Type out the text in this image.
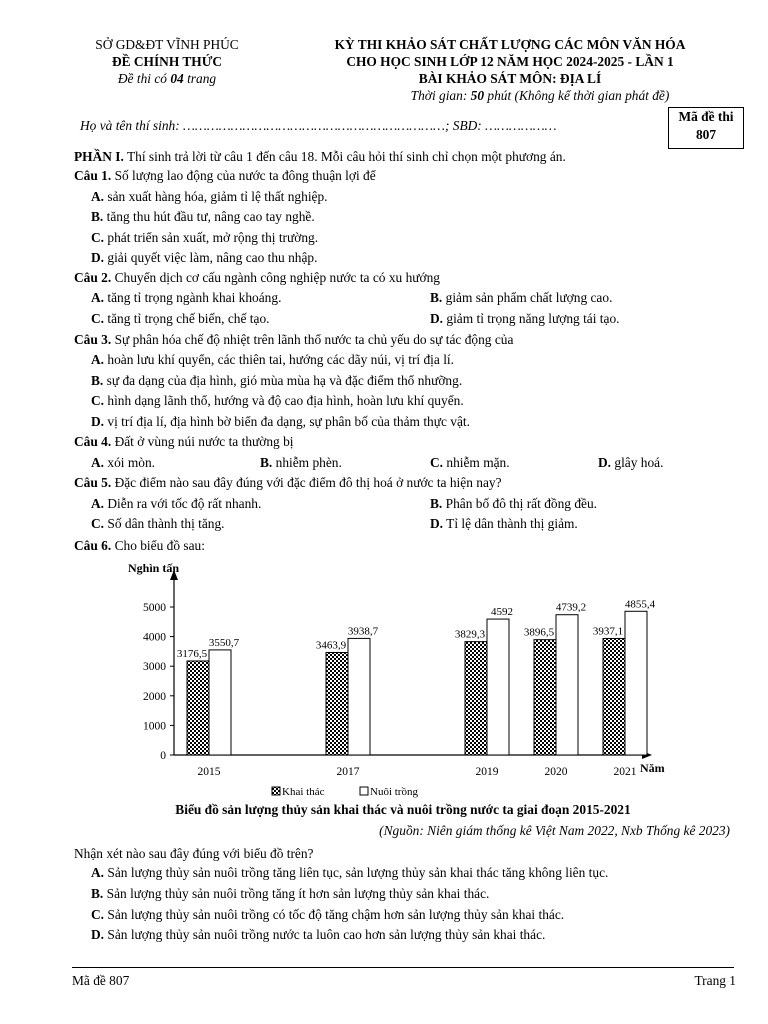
SỞ GD&ĐT VĨNH PHÚC
ĐỀ CHÍNH THỨC
Đề thi có 04 trang
KỲ THI KHẢO SÁT CHẤT LƯỢNG CÁC MÔN VĂN HÓA
CHO HỌC SINH LỚP 12 NĂM HỌC 2024-2025 - LẦN 1
BÀI KHẢO SÁT MÔN: ĐỊA LÍ
Thời gian: 50 phút (Không kể thời gian phát đề)
Mã đề thi
807
Họ và tên thí sinh: …………………………………………………………; SBD: ………………
PHẦN I. Thí sinh trả lời từ câu 1 đến câu 18. Mỗi câu hỏi thí sinh chỉ chọn một phương án.
Câu 1. Số lượng lao động của nước ta đông thuận lợi để
A. sản xuất hàng hóa, giảm tỉ lệ thất nghiệp.
B. tăng thu hút đầu tư, nâng cao tay nghề.
C. phát triển sản xuất, mở rộng thị trường.
D. giải quyết việc làm, nâng cao thu nhập.
Câu 2. Chuyển dịch cơ cấu ngành công nghiệp nước ta có xu hướng
A. tăng tỉ trọng ngành khai khoáng.	B. giảm sản phẩm chất lượng cao.
C. tăng tỉ trọng chế biến, chế tạo.	D. giảm tỉ trọng năng lượng tái tạo.
Câu 3. Sự phân hóa chế độ nhiệt trên lãnh thổ nước ta chủ yếu do sự tác động của
A. hoàn lưu khí quyển, các thiên tai, hướng các dãy núi, vị trí địa lí.
B. sự đa dạng của địa hình, gió mùa mùa hạ và đặc điểm thổ nhưỡng.
C. hình dạng lãnh thổ, hướng và độ cao địa hình, hoàn lưu khí quyển.
D. vị trí địa lí, địa hình bờ biển đa dạng, sự phân bố của thảm thực vật.
Câu 4. Đất ở vùng núi nước ta thường bị
A. xói mòn.	B. nhiễm phèn.	C. nhiễm mặn.	D. glây hoá.
Câu 5. Đặc điểm nào sau đây đúng với đặc điểm đô thị hoá ở nước ta hiện nay?
A. Diễn ra với tốc độ rất nhanh.	B. Phân bố đô thị rất đồng đều.
C. Số dân thành thị tăng.	D. Tỉ lệ dân thành thị giảm.
Câu 6. Cho biểu đồ sau:
0
1000
2000
3000
4000
5000
Nghìn tấn
Năm
3176,5
3550,7
2015
3463,9
3938,7
2017
3829,3
4592
2019
3896,5
4739,2
2020
3937,1
4855,4
2021
Khai thác	Nuôi trồng
Biểu đồ sản lượng thủy sản khai thác và nuôi trồng nước ta giai đoạn 2015-2021
(Nguồn: Niên giám thống kê Việt Nam 2022, Nxb Thống kê 2023)
Nhận xét nào sau đây đúng với biểu đồ trên?
A. Sản lượng thủy sản nuôi trồng tăng liên tục, sản lượng thủy sản khai thác tăng không liên tục.
B. Sản lượng thủy sản nuôi trồng tăng ít hơn sản lượng thủy sản khai thác.
C. Sản lượng thủy sản nuôi trồng có tốc độ tăng chậm hơn sản lượng thủy sản khai thác.
D. Sản lượng thủy sản nuôi trồng nước ta luôn cao hơn sản lượng thủy sản khai thác.
Mã đề 807	Trang 1
